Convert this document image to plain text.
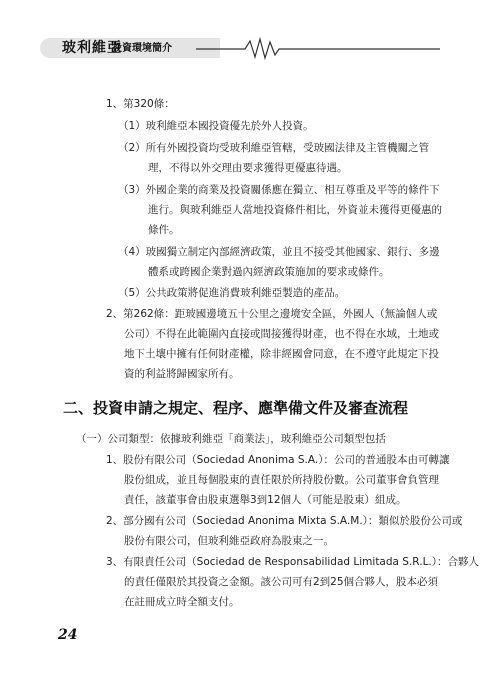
玻利維亞
投資環境簡介
1、第320條：
（1）玻利維亞本國投資優先於外人投資。
（2）所有外國投資均受玻利維亞管轄，受玻國法律及主管機關之管
理，不得以外交理由要求獲得更優惠待遇。
（3）外國企業的商業及投資關係應在獨立、相互尊重及平等的條件下
進行。與玻利維亞人當地投資條件相比，外資並未獲得更優惠的
條件。
（4）玻國獨立制定內部經濟政策，並且不接受其他國家、銀行、多邊
體系或跨國企業對過內經濟政策施加的要求或條件。
（5）公共政策將促進消費玻利維亞製造的產品。
2、第262條：距玻國邊境五十公里之邊境安全區，外國人（無論個人或
公司）不得在此範圍內直接或間接獲得財產，也不得在水域，土地或
地下土壤中擁有任何財產權，除非經國會同意，在不遵守此規定下投
資的利益將歸國家所有。
二、投資申請之規定、程序、應準備文件及審查流程
（一）公司類型：依據玻利維亞「商業法」，玻利維亞公司類型包括
1、股份有限公司（Sociedad Anonima S.A.）：公司的普通股本由可轉讓
股份組成，並且每個股東的責任限於所持股份數。公司董事會負管理
責任，該董事會由股東選舉3到12個人（可能是股東）組成。
2、部分國有公司（Sociedad Anonima Mixta S.A.M.）：類似於股份公司或
股份有限公司，但玻利維亞政府為股東之一。
3、有限責任公司（Sociedad de Responsabilidad Limitada S.R.L.）：合夥人
的責任僅限於其投資之金額。該公司可有2到25個合夥人，股本必須
在註冊成立時全額支付。
24
